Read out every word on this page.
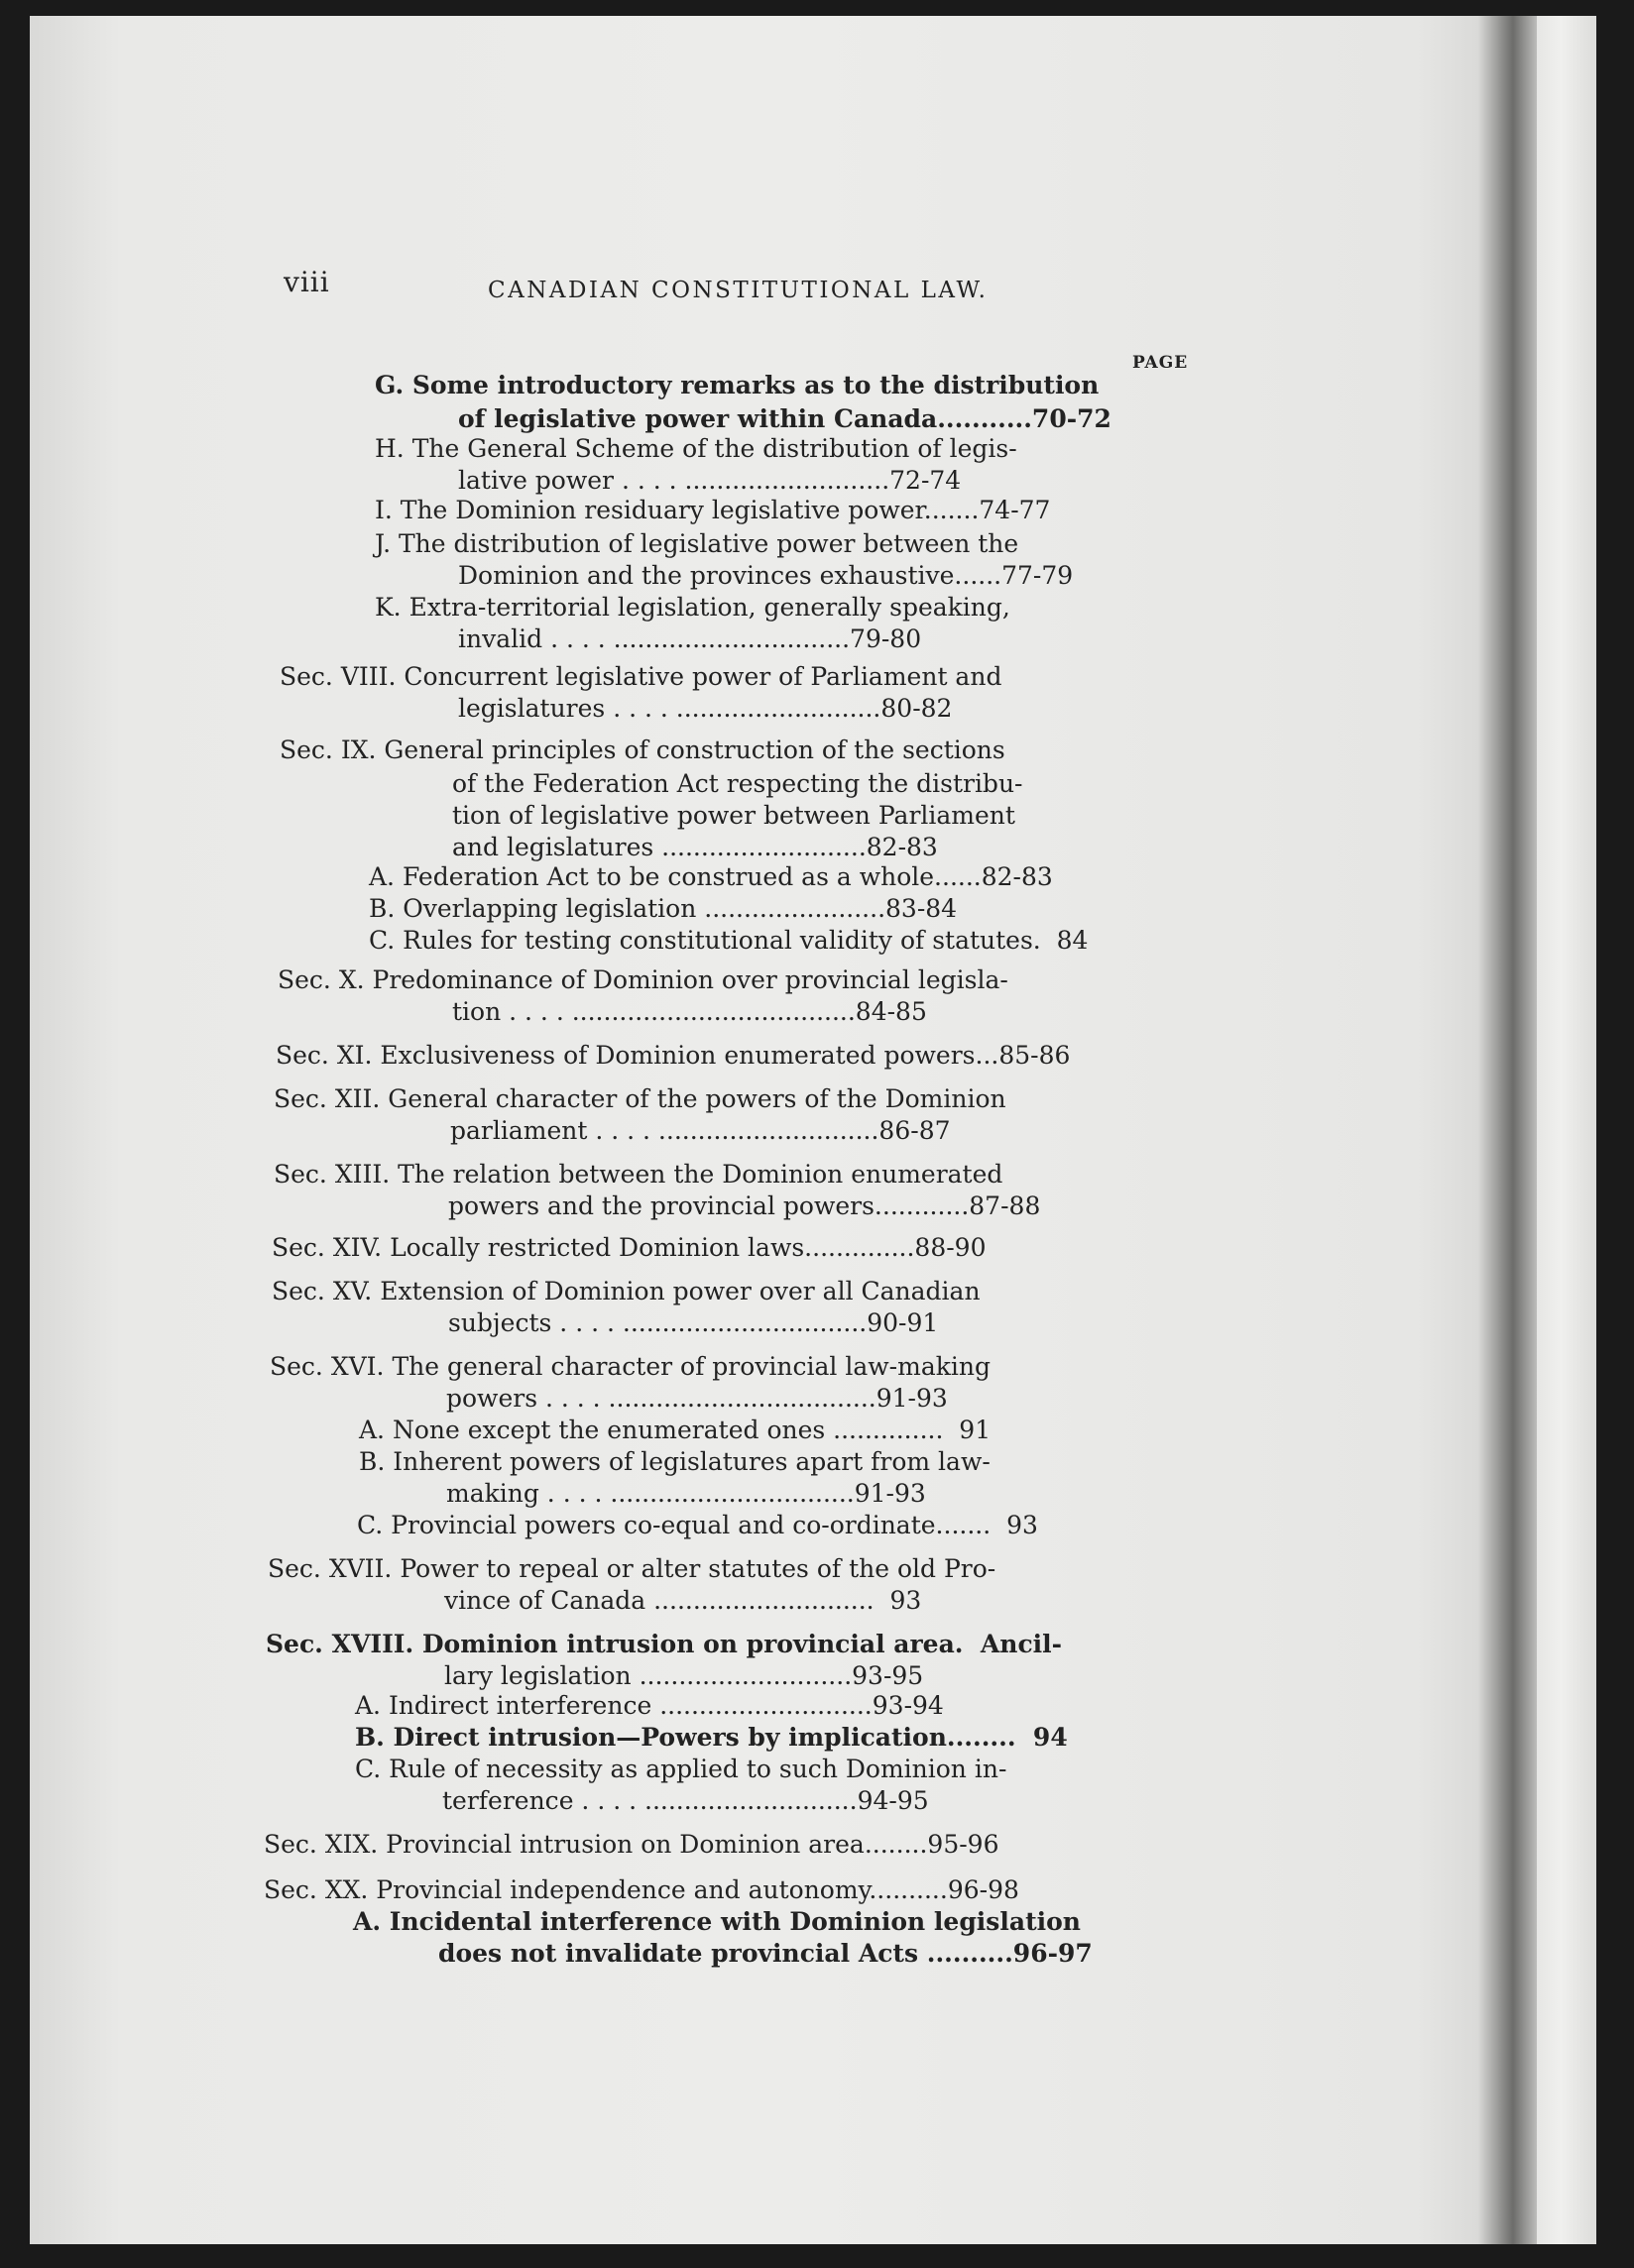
viii	CANADIAN CONSTITUTIONAL LAW.
PAGE
G. Some introductory remarks as to the distribution
of legislative power within Canada...........70-72
H. The General Scheme of the distribution of legis-
lative power . . . . ..........................72-74
I. The Dominion residuary legislative power.......74-77
J. The distribution of legislative power between the
Dominion and the provinces exhaustive......77-79
K. Extra-territorial legislation, generally speaking,
invalid . . . . ..............................79-80
Sec. VIII. Concurrent legislative power of Parliament and
legislatures . . . . ..........................80-82
Sec. IX. General principles of construction of the sections
of the Federation Act respecting the distribu-
tion of legislative power between Parliament
and legislatures ..........................82-83
A. Federation Act to be construed as a whole......82-83
B. Overlapping legislation .......................83-84
C. Rules for testing constitutional validity of statutes.  84
Sec. X. Predominance of Dominion over provincial legisla-
tion . . . . ....................................84-85
Sec. XI. Exclusiveness of Dominion enumerated powers...85-86
Sec. XII. General character of the powers of the Dominion
parliament . . . . ............................86-87
Sec. XIII. The relation between the Dominion enumerated
powers and the provincial powers............87-88
Sec. XIV. Locally restricted Dominion laws..............88-90
Sec. XV. Extension of Dominion power over all Canadian
subjects . . . . ...............................90-91
Sec. XVI. The general character of provincial law-making
powers . . . . ..................................91-93
A. None except the enumerated ones ..............  91
B. Inherent powers of legislatures apart from law-
making . . . . ...............................91-93
C. Provincial powers co-equal and co-ordinate.......  93
Sec. XVII. Power to repeal or alter statutes of the old Pro-
vince of Canada ............................  93
Sec. XVIII. Dominion intrusion on provincial area.  Ancil-
lary legislation ...........................93-95
A. Indirect interference ...........................93-94
B. Direct intrusion—Powers by implication........  94
C. Rule of necessity as applied to such Dominion in-
terference . . . . ...........................94-95
Sec. XIX. Provincial intrusion on Dominion area........95-96
Sec. XX. Provincial independence and autonomy..........96-98
A. Incidental interference with Dominion legislation
does not invalidate provincial Acts ..........96-97
